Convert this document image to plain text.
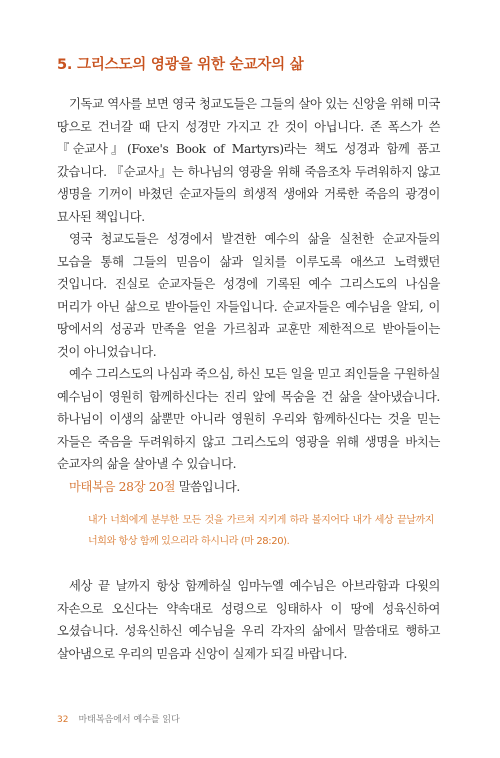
5. 그리스도의 영광을 위한 순교자의 삶

기독교 역사를 보면 영국 청교도들은 그들의 살아 있는 신앙을 위해 미국 땅으로 건너갈 때 단지 성경만 가지고 간 것이 아닙니다. 존 폭스가 쓴 『순교사』(Foxe's Book of Martyrs)라는 책도 성경과 함께 품고 갔습니다. 『순교사』는 하나님의 영광을 위해 죽음조차 두려워하지 않고 생명을 기꺼이 바쳤던 순교자들의 희생적 생애와 거룩한 죽음의 광경이 묘사된 책입니다.

영국 청교도들은 성경에서 발견한 예수의 삶을 실천한 순교자들의 모습을 통해 그들의 믿음이 삶과 일치를 이루도록 애쓰고 노력했던 것입니다. 진실로 순교자들은 성경에 기록된 예수 그리스도의 나심을 머리가 아닌 삶으로 받아들인 자들입니다. 순교자들은 예수님을 알되, 이 땅에서의 성공과 만족을 얻을 가르침과 교훈만 제한적으로 받아들이는 것이 아니었습니다.

예수 그리스도의 나심과 죽으심, 하신 모든 일을 믿고 죄인들을 구원하실 예수님이 영원히 함께하신다는 진리 앞에 목숨을 건 삶을 살아냈습니다. 하나님이 이생의 삶뿐만 아니라 영원히 우리와 함께하신다는 것을 믿는 자들은 죽음을 두려워하지 않고 그리스도의 영광을 위해 생명을 바치는 순교자의 삶을 살아낼 수 있습니다.

마태복음 28장 20절 말씀입니다.

내가 너희에게 분부한 모든 것을 가르쳐 지키게 하라 볼지어다 내가 세상 끝날까지 너희와 항상 함께 있으리라 하시니라 (마 28:20).

세상 끝 날까지 항상 함께하실 임마누엘 예수님은 아브라함과 다윗의 자손으로 오신다는 약속대로 성령으로 잉태하사 이 땅에 성육신하여 오셨습니다. 성육신하신 예수님을 우리 각자의 삶에서 말씀대로 행하고 살아냄으로 우리의 믿음과 신앙이 실제가 되길 바랍니다.

32 마태복음에서 예수를 읽다
